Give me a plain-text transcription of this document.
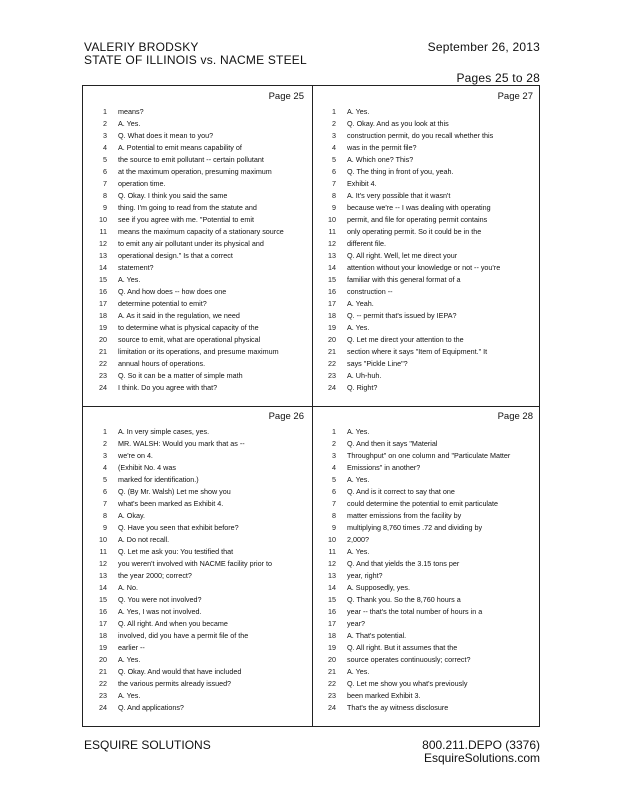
VALERIY BRODSKY
STATE OF ILLINOIS vs. NACME STEEL
September 26, 2013
Pages 25 to 28
Page 25
1 means?
2 A. Yes.
3 Q. What does it mean to you?
4 A. Potential to emit means capability of
5 the source to emit pollutant -- certain pollutant
6 at the maximum operation, presuming maximum
7 operation time.
8 Q. Okay. I think you said the same
9 thing. I'm going to read from the statute and
10 see if you agree with me. "Potential to emit
11 means the maximum capacity of a stationary source
12 to emit any air pollutant under its physical and
13 operational design." Is that a correct
14 statement?
15 A. Yes.
16 Q. And how does -- how does one
17 determine potential to emit?
18 A. As it said in the regulation, we need
19 to determine what is physical capacity of the
20 source to emit, what are operational physical
21 limitation or its operations, and presume maximum
22 annual hours of operations.
23 Q. So it can be a matter of simple math
24 I think. Do you agree with that?
Page 27
1 A. Yes.
2 Q. Okay. And as you look at this
3 construction permit, do you recall whether this
4 was in the permit file?
5 A. Which one? This?
6 Q. The thing in front of you, yeah.
7 Exhibit 4.
8 A. It's very possible that it wasn't
9 because we're -- I was dealing with operating
10 permit, and file for operating permit contains
11 only operating permit. So it could be in the
12 different file.
13 Q. All right. Well, let me direct your
14 attention without your knowledge or not -- you're
15 familiar with this general format of a
16 construction --
17 A. Yeah.
18 Q. -- permit that's issued by IEPA?
19 A. Yes.
20 Q. Let me direct your attention to the
21 section where it says "Item of Equipment." It
22 says "Pickle Line"?
23 A. Uh-huh.
24 Q. Right?
Page 26
1 A. In very simple cases, yes.
2 MR. WALSH: Would you mark that as --
3 we're on 4.
4 (Exhibit No. 4 was
5 marked for identification.)
6 Q. (By Mr. Walsh) Let me show you
7 what's been marked as Exhibit 4.
8 A. Okay.
9 Q. Have you seen that exhibit before?
10 A. Do not recall.
11 Q. Let me ask you: You testified that
12 you weren't involved with NACME facility prior to
13 the year 2000; correct?
14 A. No.
15 Q. You were not involved?
16 A. Yes, I was not involved.
17 Q. All right. And when you became
18 involved, did you have a permit file of the
19 earlier --
20 A. Yes.
21 Q. Okay. And would that have included
22 the various permits already issued?
23 A. Yes.
24 Q. And applications?
Page 28
1 A. Yes.
2 Q. And then it says "Material
3 Throughput" on one column and "Particulate Matter
4 Emissions" in another?
5 A. Yes.
6 Q. And is it correct to say that one
7 could determine the potential to emit particulate
8 matter emissions from the facility by
9 multiplying 8,760 times .72 and dividing by
10 2,000?
11 A. Yes.
12 Q. And that yields the 3.15 tons per
13 year, right?
14 A. Supposedly, yes.
15 Q. Thank you. So the 8,760 hours a
16 year -- that's the total number of hours in a
17 year?
18 A. That's potential.
19 Q. All right. But it assumes that the
20 source operates continuously; correct?
21 A. Yes.
22 Q. Let me show you what's previously
23 been marked Exhibit 3.
24 That's the ay witness disclosure
ESQUIRE SOLUTIONS	800.211.DEPO (3376)
EsquireSolutions.com
